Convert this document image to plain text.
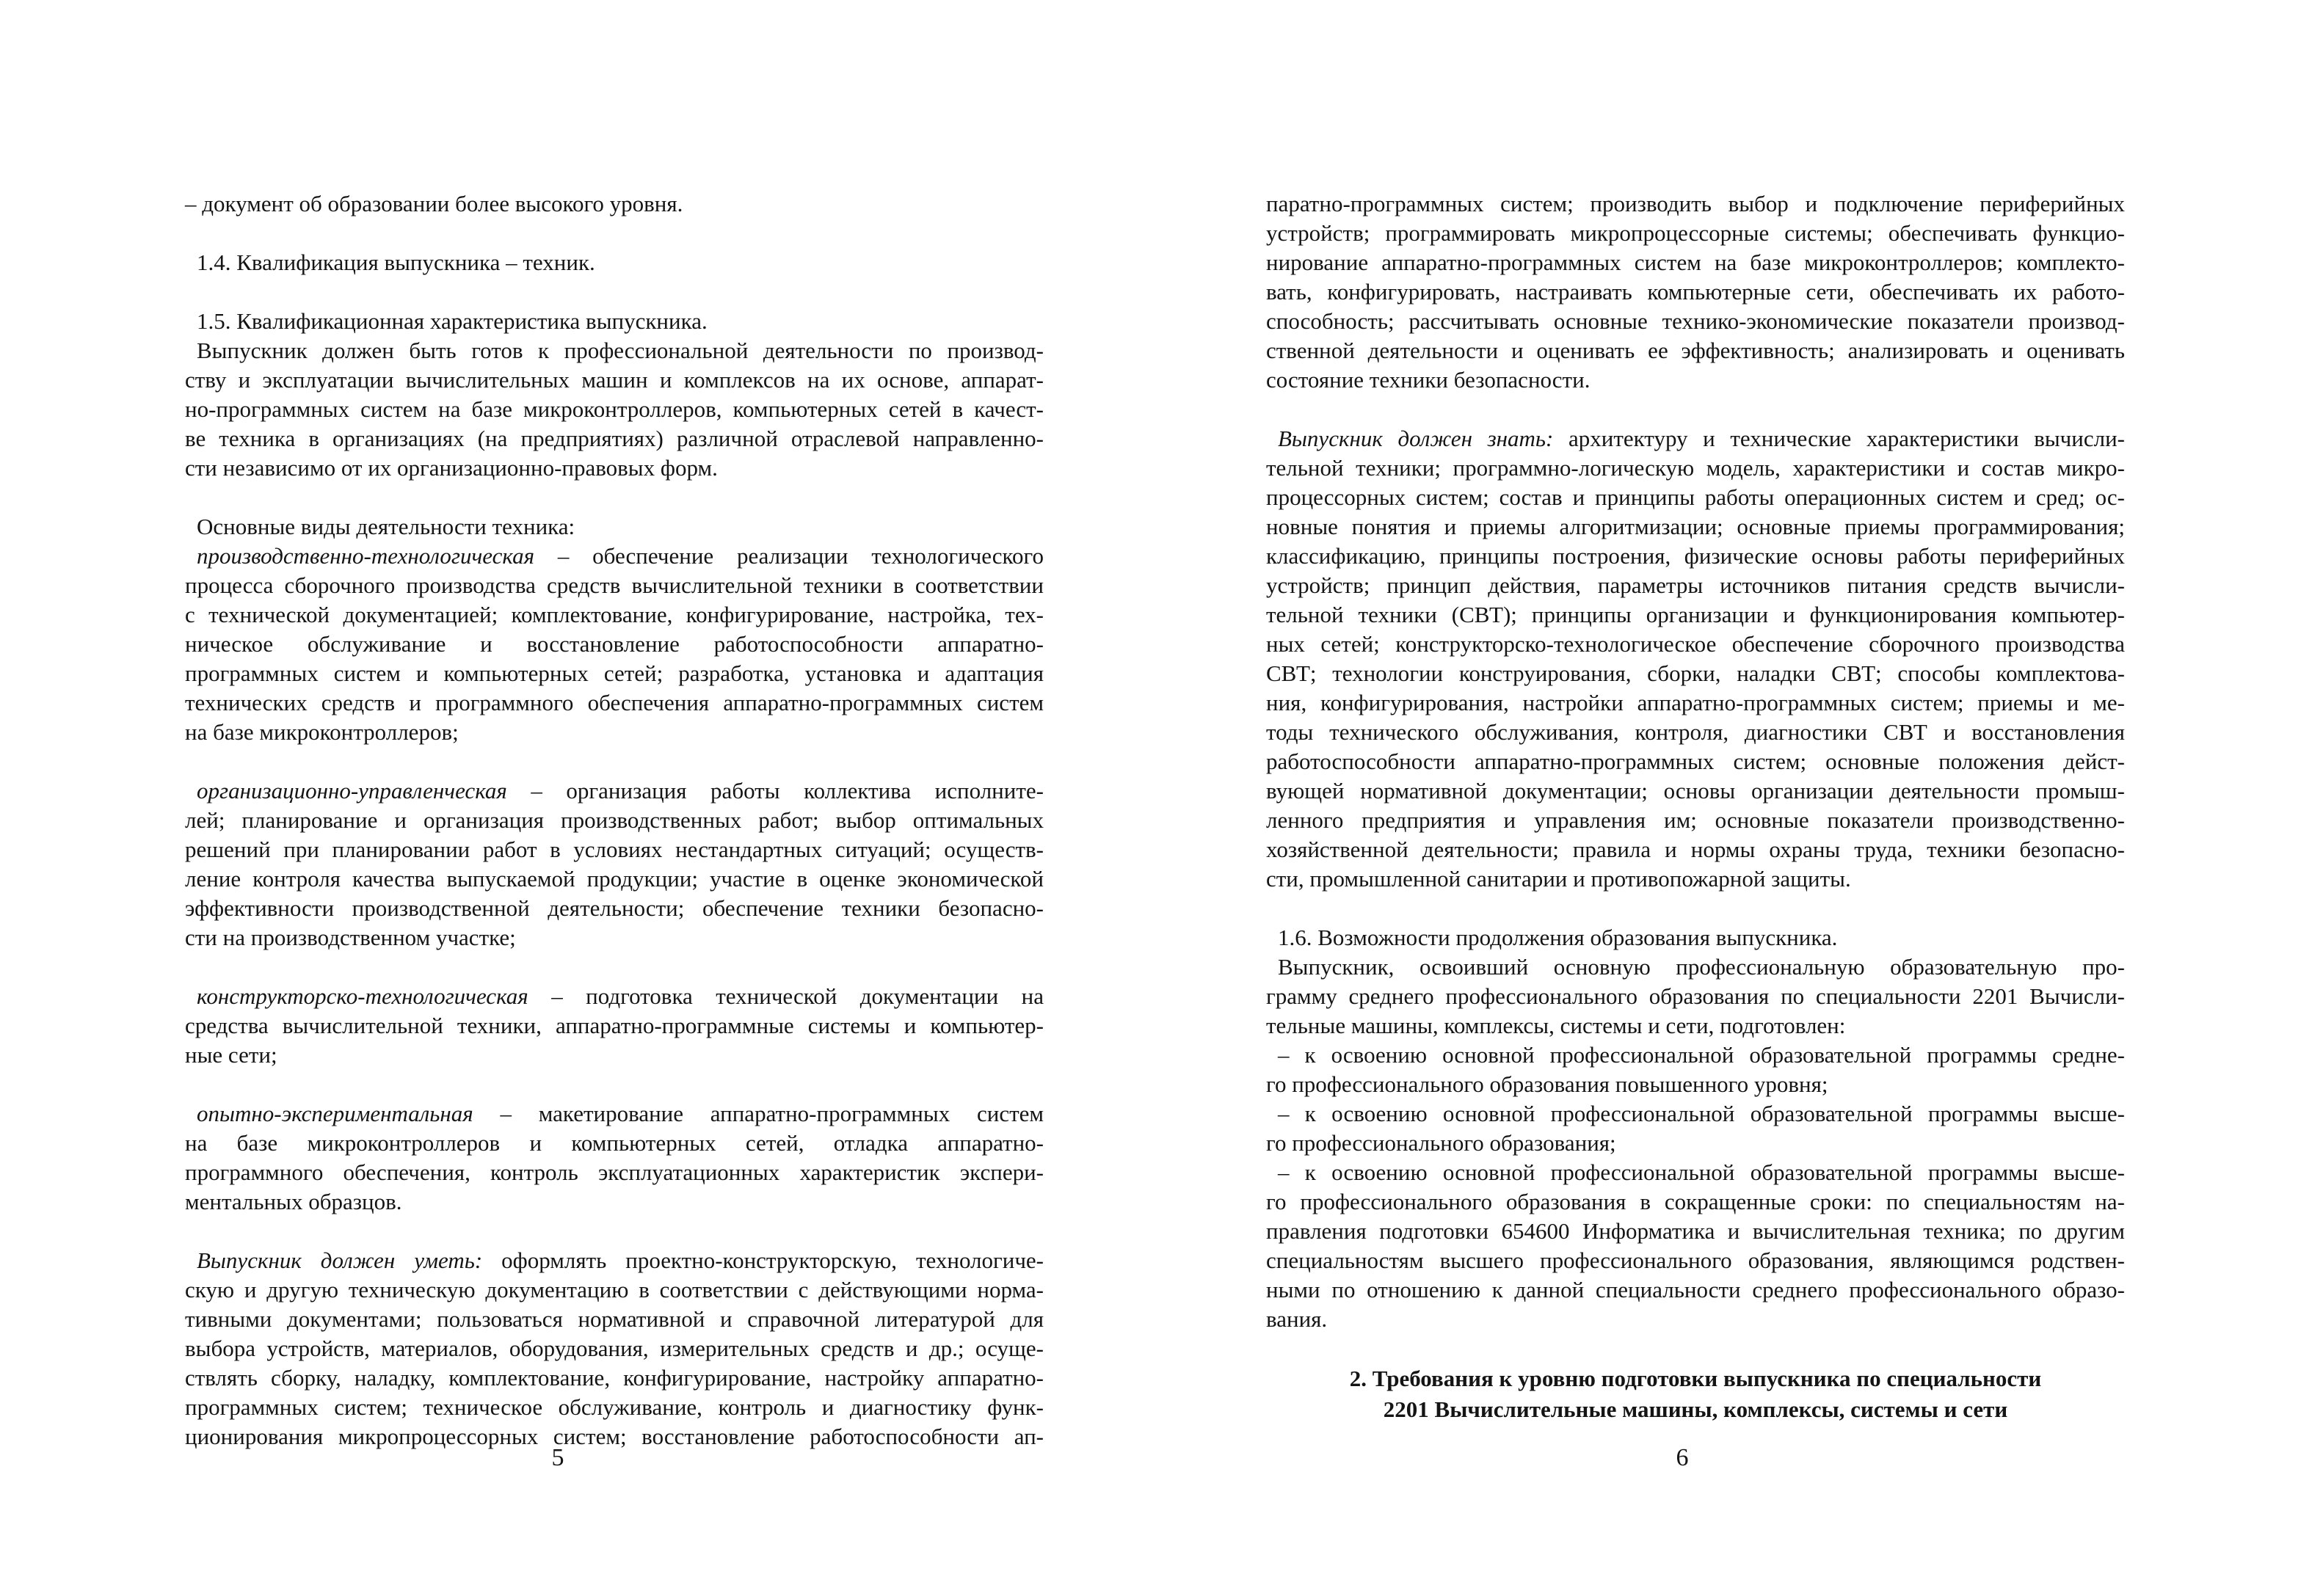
– документ об образовании более высокого уровня.

1.4. Квалификация выпускника – техник.

1.5. Квалификационная характеристика выпускника.

Выпускник должен быть готов к профессиональной деятельности по производ-

ству и эксплуатации вычислительных машин и комплексов на их основе, аппарат-

но-программных систем на базе микроконтроллеров, компьютерных сетей в качест-

ве техника в организациях (на предприятиях) различной отраслевой направленно-

сти независимо от их организационно-правовых форм.

Основные виды деятельности техника:

производственно-технологическая – обеспечение реализации технологического

процесса сборочного производства средств вычислительной техники в соответствии

с технической документацией; комплектование, конфигурирование, настройка, тех-

ническое обслуживание и восстановление работоспособности аппаратно-

программных систем и компьютерных сетей; разработка, установка и адаптация

технических средств и программного обеспечения аппаратно-программных систем

на базе микроконтроллеров;

организационно-управленческая – организация работы коллектива исполните-

лей; планирование и организация производственных работ; выбор оптимальных

решений при планировании работ в условиях нестандартных ситуаций; осуществ-

ление контроля качества выпускаемой продукции; участие в оценке экономической

эффективности производственной деятельности; обеспечение техники безопасно-

сти на производственном участке;

конструкторско-технологическая – подготовка технической документации на

средства вычислительной техники, аппаратно-программные системы и компьютер-

ные сети;

опытно-экспериментальная – макетирование аппаратно-программных систем

на базе микроконтроллеров и компьютерных сетей, отладка аппаратно-

программного обеспечения, контроль эксплуатационных характеристик экспери-

ментальных образцов.

Выпускник должен уметь: оформлять проектно-конструкторскую, технологиче-

скую и другую техническую документацию в соответствии с действующими норма-

тивными документами; пользоваться нормативной и справочной литературой для

выбора устройств, материалов, оборудования, измерительных средств и др.; осуще-

ствлять сборку, наладку, комплектование, конфигурирование, настройку аппаратно-

программных систем; техническое обслуживание, контроль и диагностику функ-

ционирования микропроцессорных систем; восстановление работоспособности ап-

5

паратно-программных систем; производить выбор и подключение периферийных

устройств; программировать микропроцессорные системы; обеспечивать функцио-

нирование аппаратно-программных систем на базе микроконтроллеров; комплекто-

вать, конфигурировать, настраивать компьютерные сети, обеспечивать их работо-

способность; рассчитывать основные технико-экономические показатели производ-

ственной деятельности и оценивать ее эффективность; анализировать и оценивать

состояние техники безопасности.

Выпускник должен знать: архитектуру и технические характеристики вычисли-

тельной техники; программно-логическую модель, характеристики и состав микро-

процессорных систем; состав и принципы работы операционных систем и сред; ос-

новные понятия и приемы алгоритмизации; основные приемы программирования;

классификацию, принципы построения, физические основы работы периферийных

устройств; принцип действия, параметры источников питания средств вычисли-

тельной техники (СВТ); принципы организации и функционирования компьютер-

ных сетей; конструкторско-технологическое обеспечение сборочного производства

СВТ; технологии конструирования, сборки, наладки СВТ; способы комплектова-

ния, конфигурирования, настройки аппаратно-программных систем; приемы и ме-

тоды технического обслуживания, контроля, диагностики СВТ и восстановления

работоспособности аппаратно-программных систем; основные положения дейст-

вующей нормативной документации; основы организации деятельности промыш-

ленного предприятия и управления им; основные показатели производственно-

хозяйственной деятельности; правила и нормы охраны труда, техники безопасно-

сти, промышленной санитарии и противопожарной защиты.

1.6. Возможности продолжения образования выпускника.

Выпускник, освоивший основную профессиональную образовательную про-

грамму среднего профессионального образования по специальности 2201 Вычисли-

тельные машины, комплексы, системы и сети, подготовлен:

– к освоению основной профессиональной образовательной программы средне-

го профессионального образования повышенного уровня;

– к освоению основной профессиональной образовательной программы высше-

го профессионального образования;

– к освоению основной профессиональной образовательной программы высше-

го профессионального образования в сокращенные сроки: по специальностям на-

правления подготовки 654600 Информатика и вычислительная техника; по другим

специальностям высшего профессионального образования, являющимся родствен-

ными по отношению к данной специальности среднего профессионального образо-

вания.

2. Требования к уровню подготовки выпускника по специальности
2201 Вычислительные машины, комплексы, системы и сети
6
